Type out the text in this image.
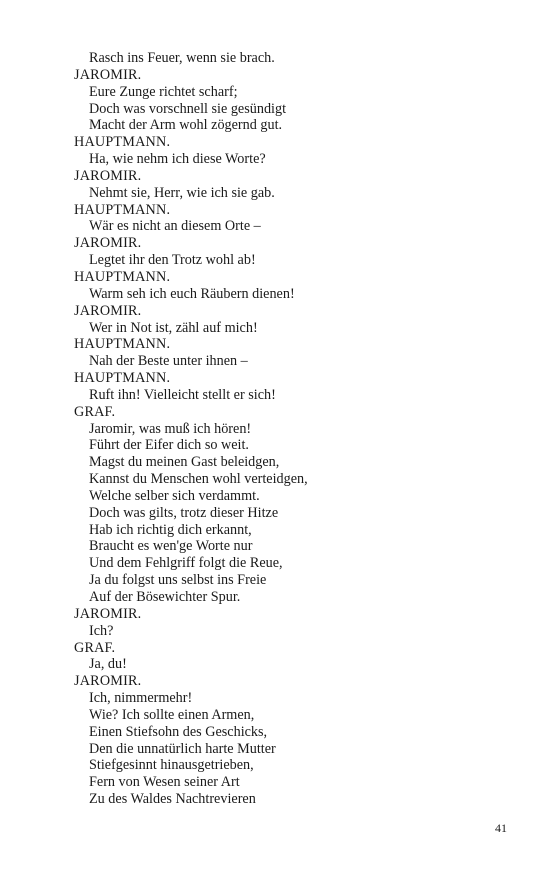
Rasch ins Feuer, wenn sie brach.
JAROMIR.
Eure Zunge richtet scharf;
Doch was vorschnell sie gesündigt
Macht der Arm wohl zögernd gut.
HAUPTMANN.
Ha, wie nehm ich diese Worte?
JAROMIR.
Nehmt sie, Herr, wie ich sie gab.
HAUPTMANN.
Wär es nicht an diesem Orte –
JAROMIR.
Legtet ihr den Trotz wohl ab!
HAUPTMANN.
Warm seh ich euch Räubern dienen!
JAROMIR.
Wer in Not ist, zähl auf mich!
HAUPTMANN.
Nah der Beste unter ihnen –
HAUPTMANN.
Ruft ihn! Vielleicht stellt er sich!
GRAF.
Jaromir, was muß ich hören!
Führt der Eifer dich so weit.
Magst du meinen Gast beleidgen,
Kannst du Menschen wohl verteidgen,
Welche selber sich verdammt.
Doch was gilts, trotz dieser Hitze
Hab ich richtig dich erkannt,
Braucht es wen'ge Worte nur
Und dem Fehlgriff folgt die Reue,
Ja du folgst uns selbst ins Freie
Auf der Bösewichter Spur.
JAROMIR.
Ich?
GRAF.
Ja, du!
JAROMIR.
Ich, nimmermehr!
Wie? Ich sollte einen Armen,
Einen Stiefsohn des Geschicks,
Den die unnatürlich harte Mutter
Stiefgesinnt hinausgetrieben,
Fern von Wesen seiner Art
Zu des Waldes Nachtrevieren
41
